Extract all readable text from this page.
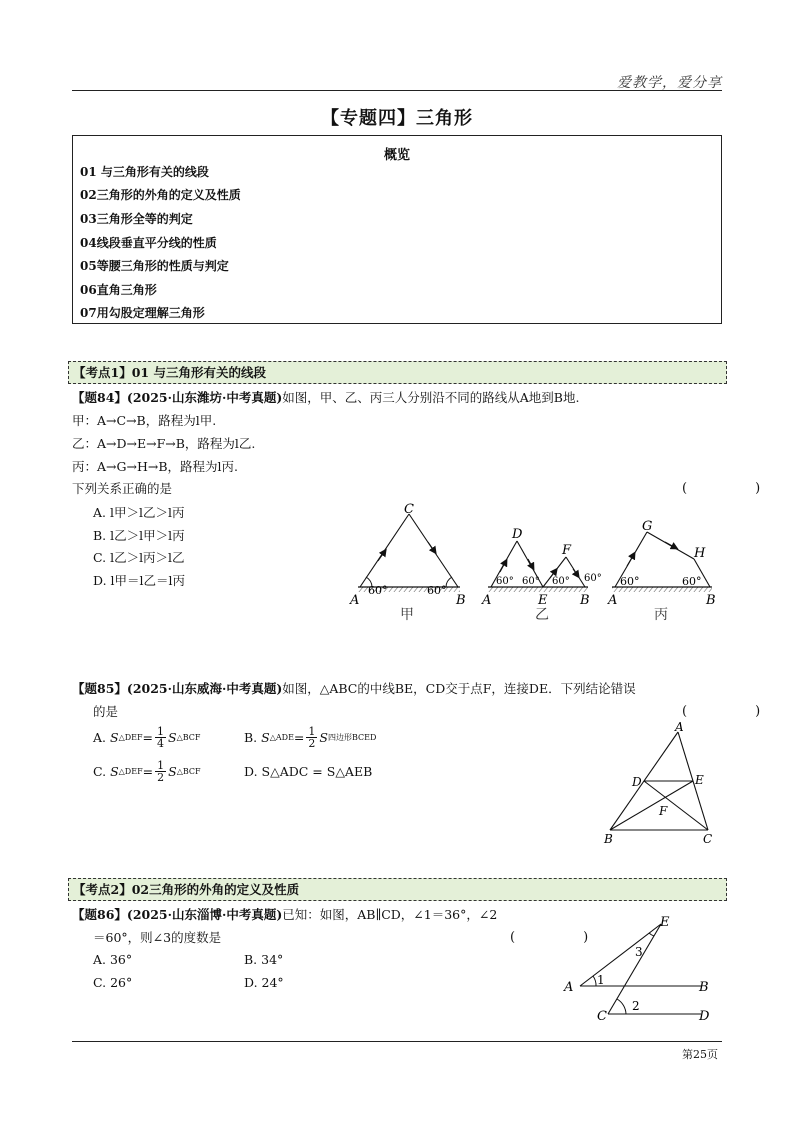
爱教学，爱分享
【专题四】三角形
概览
01 与三角形有关的线段
02三角形的外角的定义及性质
03三角形全等的判定
04线段垂直平分线的性质
05等腰三角形的性质与判定
06直角三角形
07用勾股定理解三角形
【考点1】01 与三角形有关的线段
【题84】(2025·山东潍坊·中考真题)如图，甲、乙、丙三人分别沿不同的路线从A地到B地.
甲：A→C→B，路程为l甲.
乙：A→D→E→F→B，路程为l乙.
丙：A→G→H→B，路程为l丙.
下列关系正确的是	(　　)
A. l甲＞l乙＞l丙
B. l乙＞l甲＞l丙
C. l乙＞l丙＞l乙
D. l甲＝l乙＝l丙
A	B
C
60°	60°
甲
A
D
E
F
B
60° 60° 60° 60°
乙
A
G
H
B
60°	60°
丙
【题85】(2025·山东威海·中考真题)如图，△ABC的中线BE，CD交于点F，连接DE．下列结论错误
的是	(　　)
A.
S △DEF = $\frac{1}{4}$ S △BCF	B.
S △ADE = $\frac{1}{2}$ S 四边形BCED
C.
S △DEF = $\frac{1}{2}$ S △BCF	D. S△ADC = S△AEB
A
B	C
D	E
F
【考点2】02三角形的外角的定义及性质
【题86】(2025·山东淄博·中考真题)已知：如图，AB∥CD，∠1＝36°，∠2
＝60°，则∠3的度数是	(　　)
A. 36°	B. 34°
C. 26°	D. 24°
E
A	B
C	D
1
2
3
第25页
